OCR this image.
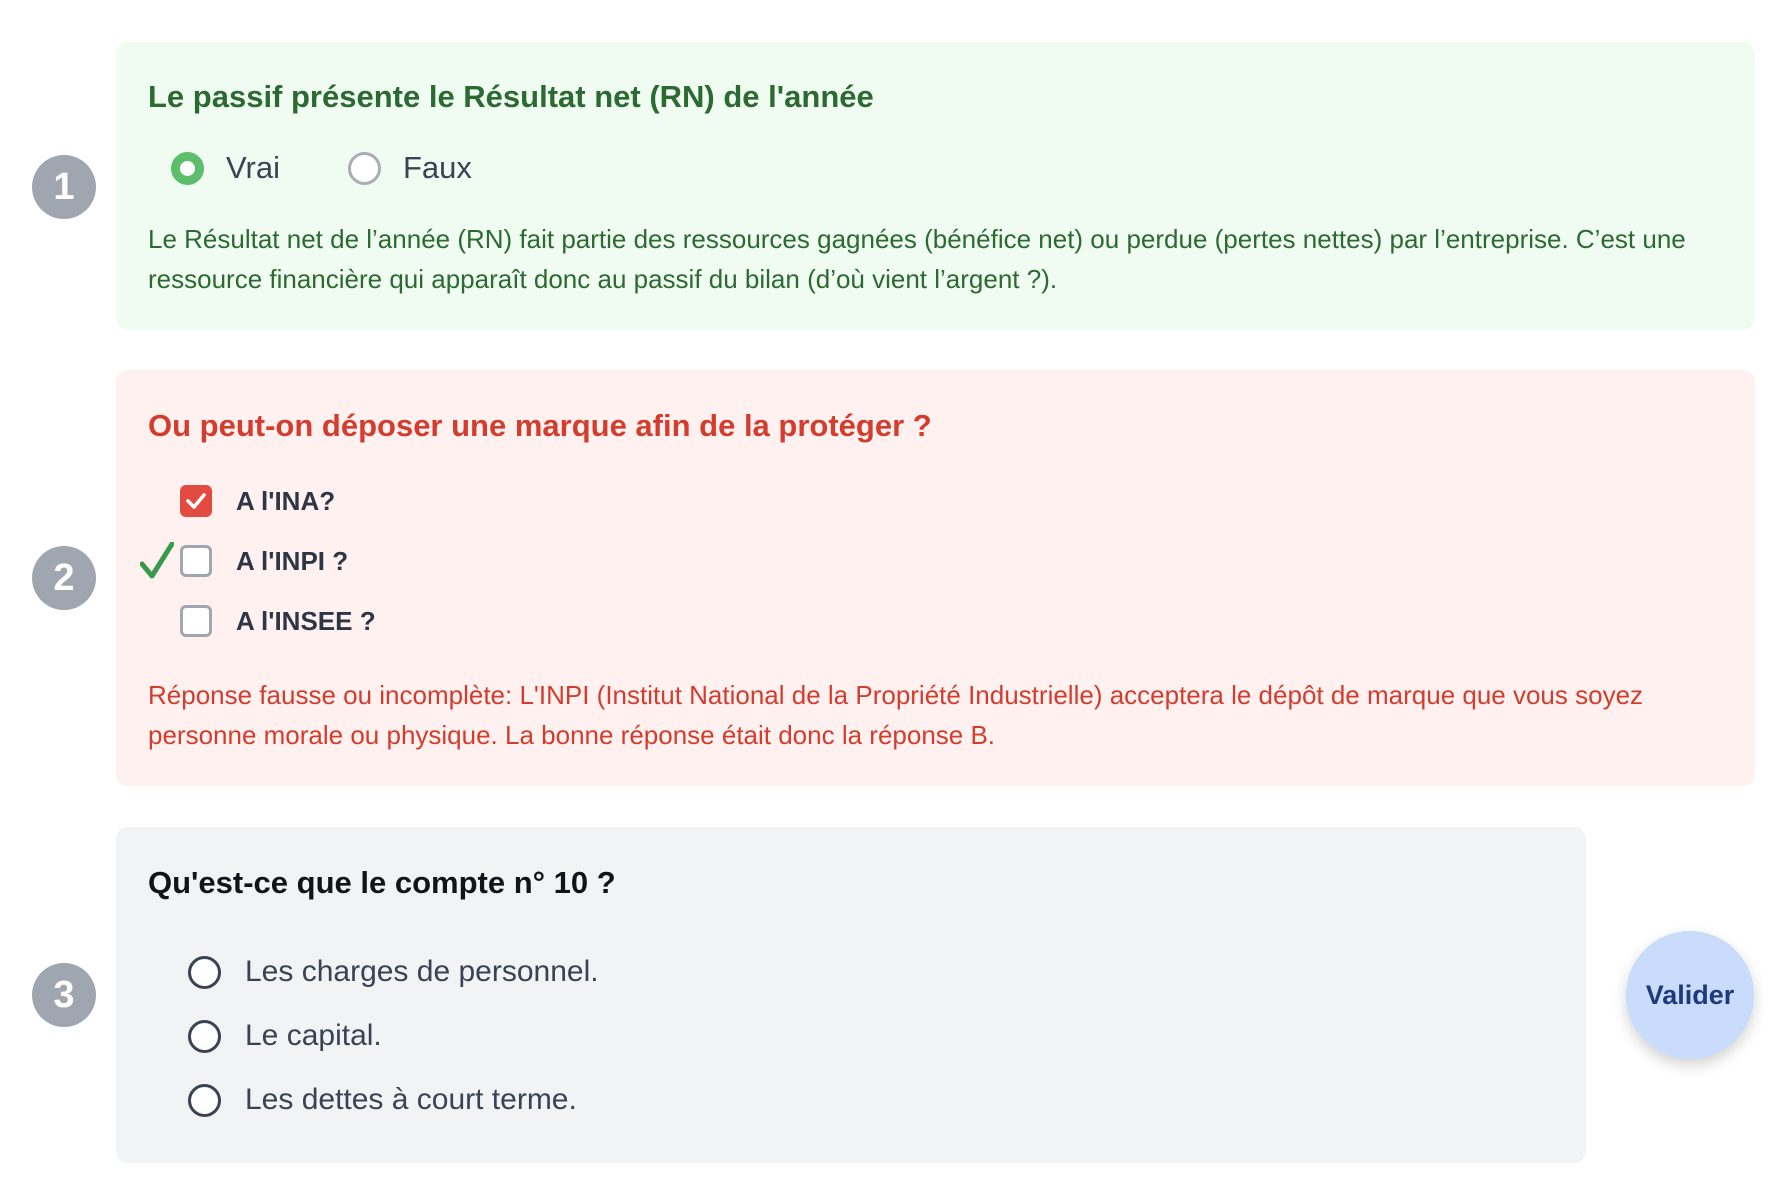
1
Le passif présente le Résultat net (RN) de l'année
Vrai	Faux
Le Résultat net de l’année (RN) fait partie des ressources gagnées (bénéfice net) ou perdue (pertes nettes) par l’entreprise. C’est une ressource financière qui apparaît donc au passif du bilan (d’où vient l’argent ?).
2
Ou peut-on déposer une marque afin de la protéger ?
A l'INA?
A l'INPI ?
A l'INSEE ?
Réponse fausse ou incomplète: L'INPI (Institut National de la Propriété Industrielle) acceptera le dépôt de marque que vous soyez personne morale ou physique. La bonne réponse était donc la réponse B.
3
Qu'est-ce que le compte n° 10 ?
Les charges de personnel.
Le capital.
Les dettes à court terme.
Valider
